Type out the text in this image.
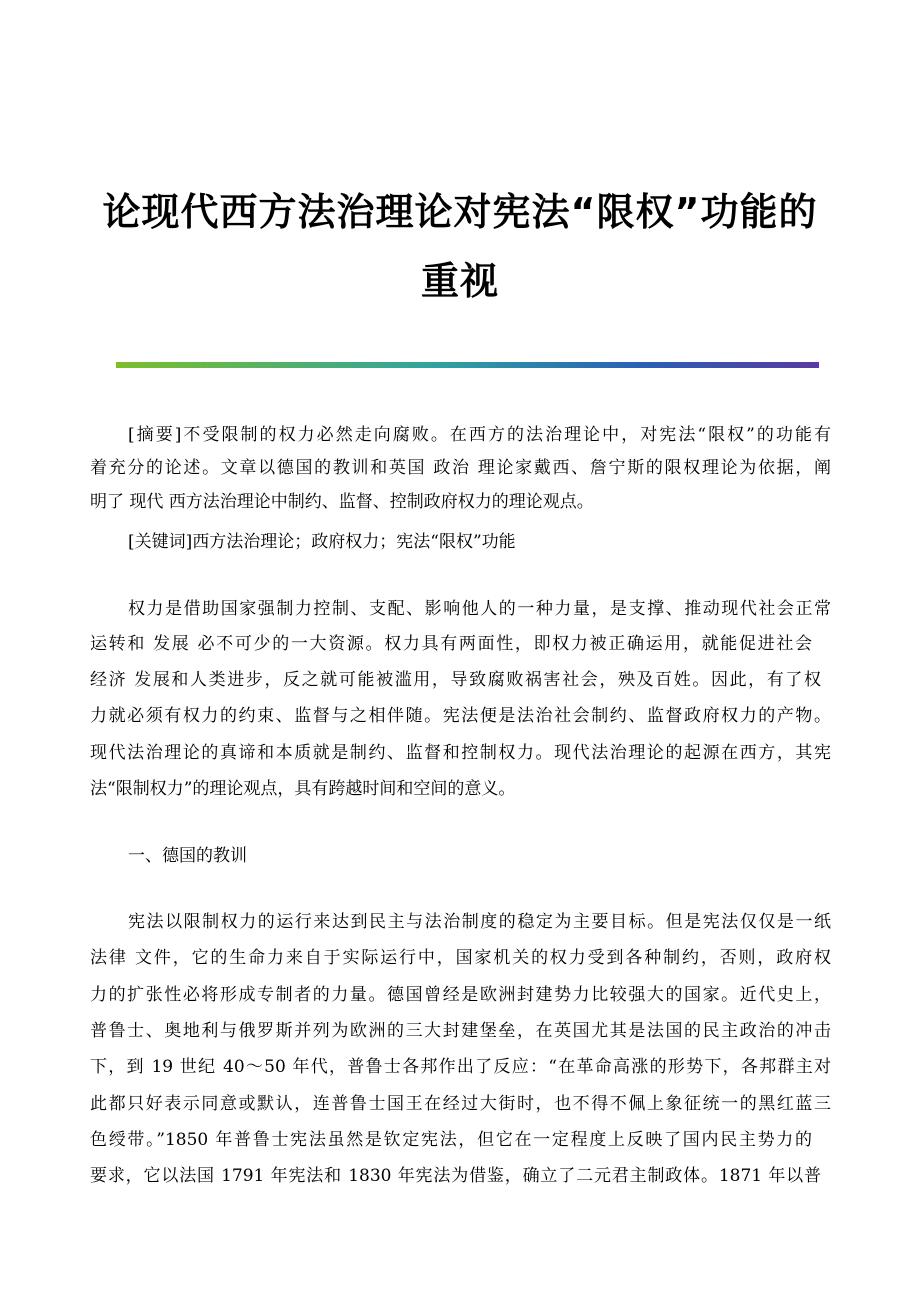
论现代西方法治理论对宪法“限权”功能的
重视
[摘要]不受限制的权力必然走向腐败。在西方的法治理论中，对宪法“限权”的功能有
着充分的论述。文章以德国的教训和英国 政治 理论家戴西、詹宁斯的限权理论为依据，阐
明了 现代 西方法治理论中制约、监督、控制政府权力的理论观点。
[关键词]西方法治理论；政府权力；宪法“限权”功能
权力是借助国家强制力控制、支配、影响他人的一种力量，是支撑、推动现代社会正常
运转和 发展 必不可少的一大资源。权力具有两面性，即权力被正确运用，就能促进社会
经济 发展和人类进步，反之就可能被滥用，导致腐败祸害社会，殃及百姓。因此，有了权
力就必须有权力的约束、监督与之相伴随。宪法便是法治社会制约、监督政府权力的产物。
现代法治理论的真谛和本质就是制约、监督和控制权力。现代法治理论的起源在西方，其宪
法“限制权力”的理论观点，具有跨越时间和空间的意义。
一、德国的教训
宪法以限制权力的运行来达到民主与法治制度的稳定为主要目标。但是宪法仅仅是一纸
法律 文件，它的生命力来自于实际运行中，国家机关的权力受到各种制约，否则，政府权
力的扩张性必将形成专制者的力量。德国曾经是欧洲封建势力比较强大的国家。近代史上，
普鲁士、奥地利与俄罗斯并列为欧洲的三大封建堡垒，在英国尤其是法国的民主政治的冲击
下，到 19 世纪 40～50 年代，普鲁士各邦作出了反应：“在革命高涨的形势下，各邦群主对
此都只好表示同意或默认，连普鲁士国王在经过大街时，也不得不佩上象征统一的黑红蓝三
色绶带。”1850 年普鲁士宪法虽然是钦定宪法，但它在一定程度上反映了国内民主势力的
要求，它以法国 1791 年宪法和 1830 年宪法为借鉴，确立了二元君主制政体。1871 年以普
